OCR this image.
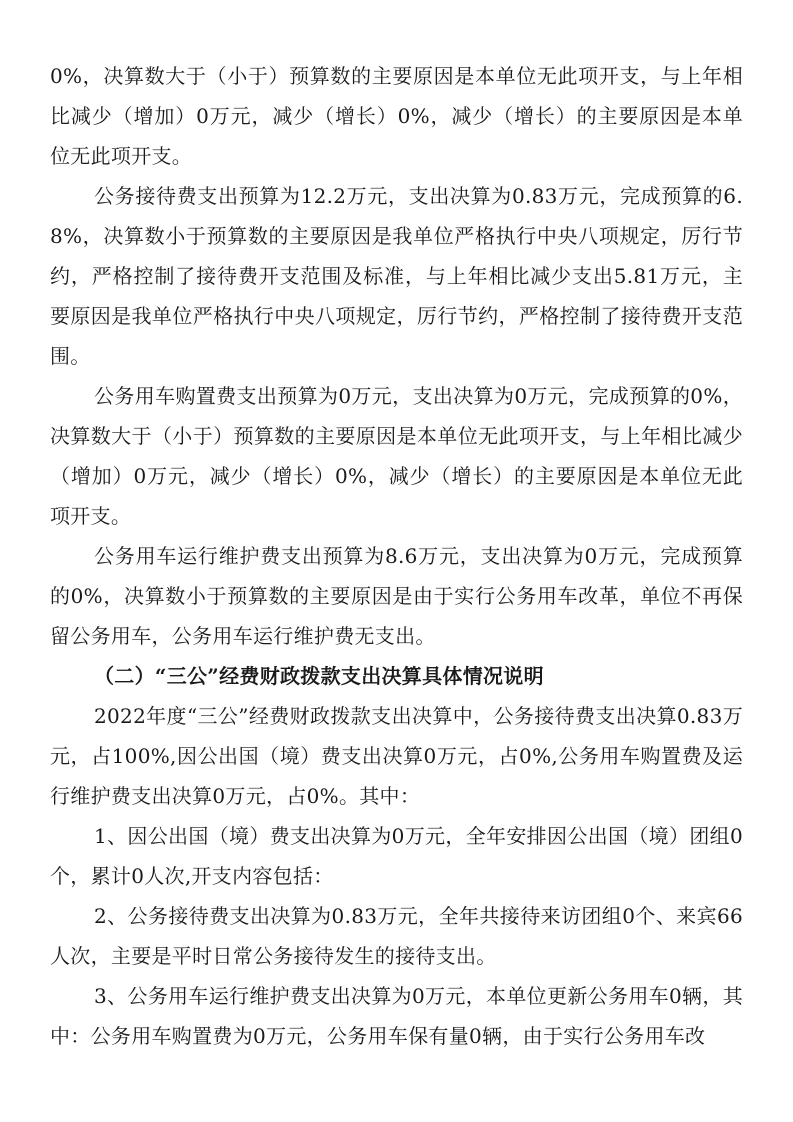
0%，决算数大于（小于）预算数的主要原因是本单位无此项开支，与上年相比减少（增加）0万元，减少（增长）0%，减少（增长）的主要原因是本单位无此项开支。

公务接待费支出预算为12.2万元，支出决算为0.83万元，完成预算的6.8%，决算数小于预算数的主要原因是我单位严格执行中央八项规定，厉行节约，严格控制了接待费开支范围及标准，与上年相比减少支出5.81万元，主要原因是我单位严格执行中央八项规定，厉行节约，严格控制了接待费开支范围。

公务用车购置费支出预算为0万元，支出决算为0万元，完成预算的0%，决算数大于（小于）预算数的主要原因是本单位无此项开支，与上年相比减少（增加）0万元，减少（增长）0%，减少（增长）的主要原因是本单位无此项开支。

公务用车运行维护费支出预算为8.6万元，支出决算为0万元，完成预算的0%，决算数小于预算数的主要原因是由于实行公务用车改革，单位不再保留公务用车，公务用车运行维护费无支出。

（二）“三公”经费财政拨款支出决算具体情况说明

2022年度“三公”经费财政拨款支出决算中，公务接待费支出决算0.83万元，占100%,因公出国（境）费支出决算0万元，占0%,公务用车购置费及运行维护费支出决算0万元，占0%。其中：

1、因公出国（境）费支出决算为0万元，全年安排因公出国（境）团组0个，累计0人次,开支内容包括：

2、公务接待费支出决算为0.83万元，全年共接待来访团组0个、来宾66人次，主要是平时日常公务接待发生的接待支出。

3、公务用车运行维护费支出决算为0万元，本单位更新公务用车0辆，其中：公务用车购置费为0万元，公务用车保有量0辆，由于实行公务用车改
